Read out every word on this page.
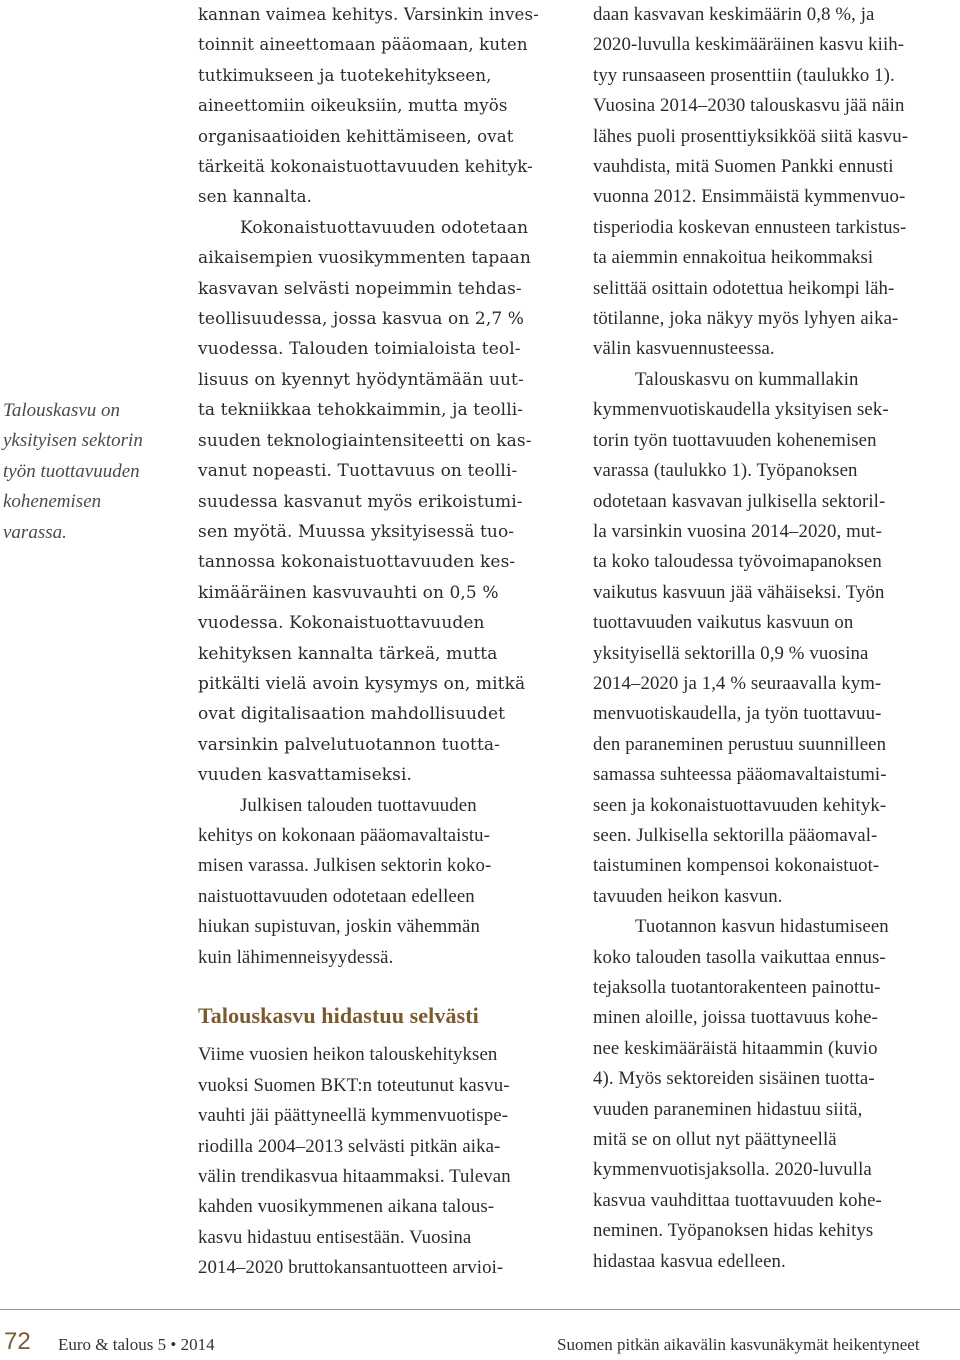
Talouskasvu on yksityisen sektorin työn tuottavuuden kohenemisen varassa.

kannan vaimea kehitys. Varsinkin inves-
toinnit aineettomaan pääomaan, kuten
tutkimukseen ja tuotekehitykseen,
aineettomiin oikeuksiin, mutta myös
organisaatioiden kehittämiseen, ovat
tärkeitä kokonaistuottavuuden kehityk-
sen kannalta.

Kokonaistuottavuuden odotetaan
aikaisempien vuosikymmenten tapaan
kasvavan selvästi nopeimmin tehdas-
teollisuudessa, jossa kasvua on 2,7 %
vuodessa. Talouden toimialoista teol-
lisuus on kyennyt hyödyntämään uut-
ta tekniikkaa tehokkaimmin, ja teolli-
suuden teknologiaintensiteetti on kas-
vanut nopeasti. Tuottavuus on teolli-
suudessa kasvanut myös erikoistumi-
sen myötä. Muussa yksityisessä tuo-
tannossa kokonaistuottavuuden kes-
kimääräinen kasvuvauhti on 0,5 %
vuodessa. Kokonaistuottavuuden
kehityksen kannalta tärkeä, mutta
pitkälti vielä avoin kysymys on, mitkä
ovat digitalisaation mahdollisuudet
varsinkin palvelutuotannon tuotta-
vuuden kasvattamiseksi.

Julkisen talouden tuottavuuden
kehitys on kokonaan pääomavaltaistu-
misen varassa. Julkisen sektorin koko-
naistuottavuuden odotetaan edelleen
hiukan supistuvan, joskin vähemmän
kuin lähimenneisyydessä.

Talouskasvu hidastuu selvästi

Viime vuosien heikon talouskehityksen
vuoksi Suomen BKT:n toteutunut kasvu-
vauhti jäi päättyneellä kymmenvuotispe-
riodilla 2004–2013 selvästi pitkän aika-
välin trendikasvua hitaammaksi. Tulevan
kahden vuosikymmenen aikana talous-
kasvu hidastuu entisestään. Vuosina
2014–2020 bruttokansantuotteen arvioi-

daan kasvavan keskimäärin 0,8 %, ja
2020-luvulla keskimääräinen kasvu kiih-
tyy runsaaseen prosenttiin (taulukko 1).
Vuosina 2014–2030 talouskasvu jää näin
lähes puoli prosenttiyksikköä siitä kasvu-
vauhdista, mitä Suomen Pankki ennusti
vuonna 2012. Ensimmäistä kymmenvuo-
tisperiodia koskevan ennusteen tarkistus-
ta aiemmin ennakoitua heikommaksi
selittää osittain odotettua heikompi läh-
tötilanne, joka näkyy myös lyhyen aika-
välin kasvuennusteessa.

Talouskasvu on kummallakin
kymmenvuotiskaudella yksityisen sek-
torin työn tuottavuuden kohenemisen
varassa (taulukko 1). Työpanoksen
odotetaan kasvavan julkisella sektoril-
la varsinkin vuosina 2014–2020, mut-
ta koko taloudessa työvoimapanoksen
vaikutus kasvuun jää vähäiseksi. Työn
tuottavuuden vaikutus kasvuun on
yksityisellä sektorilla 0,9 % vuosina
2014–2020 ja 1,4 % seuraavalla kym-
menvuotiskaudella, ja työn tuottavuu-
den paraneminen perustuu suunnilleen
samassa suhteessa pääomavaltaistumi-
seen ja kokonaistuottavuuden kehityk-
seen. Julkisella sektorilla pääomaval-
taistuminen kompensoi kokonaistuot-
tavuuden heikon kasvun.

Tuotannon kasvun hidastumiseen
koko talouden tasolla vaikuttaa ennus-
tejaksolla tuotantorakenteen painottu-
minen aloille, joissa tuottavuus kohe-
nee keskimääräistä hitaammin (kuvio
4). Myös sektoreiden sisäinen tuotta-
vuuden paraneminen hidastuu siitä,
mitä se on ollut nyt päättyneellä
kymmenvuotisjaksolla. 2020-luvulla
kasvua vauhdittaa tuottavuuden kohe-
neminen. Työpanoksen hidas kehitys
hidastaa kasvua edelleen.

72 Euro & talous 5 • 2014	Suomen pitkän aikavälin kasvunäkymät heikentyneet
